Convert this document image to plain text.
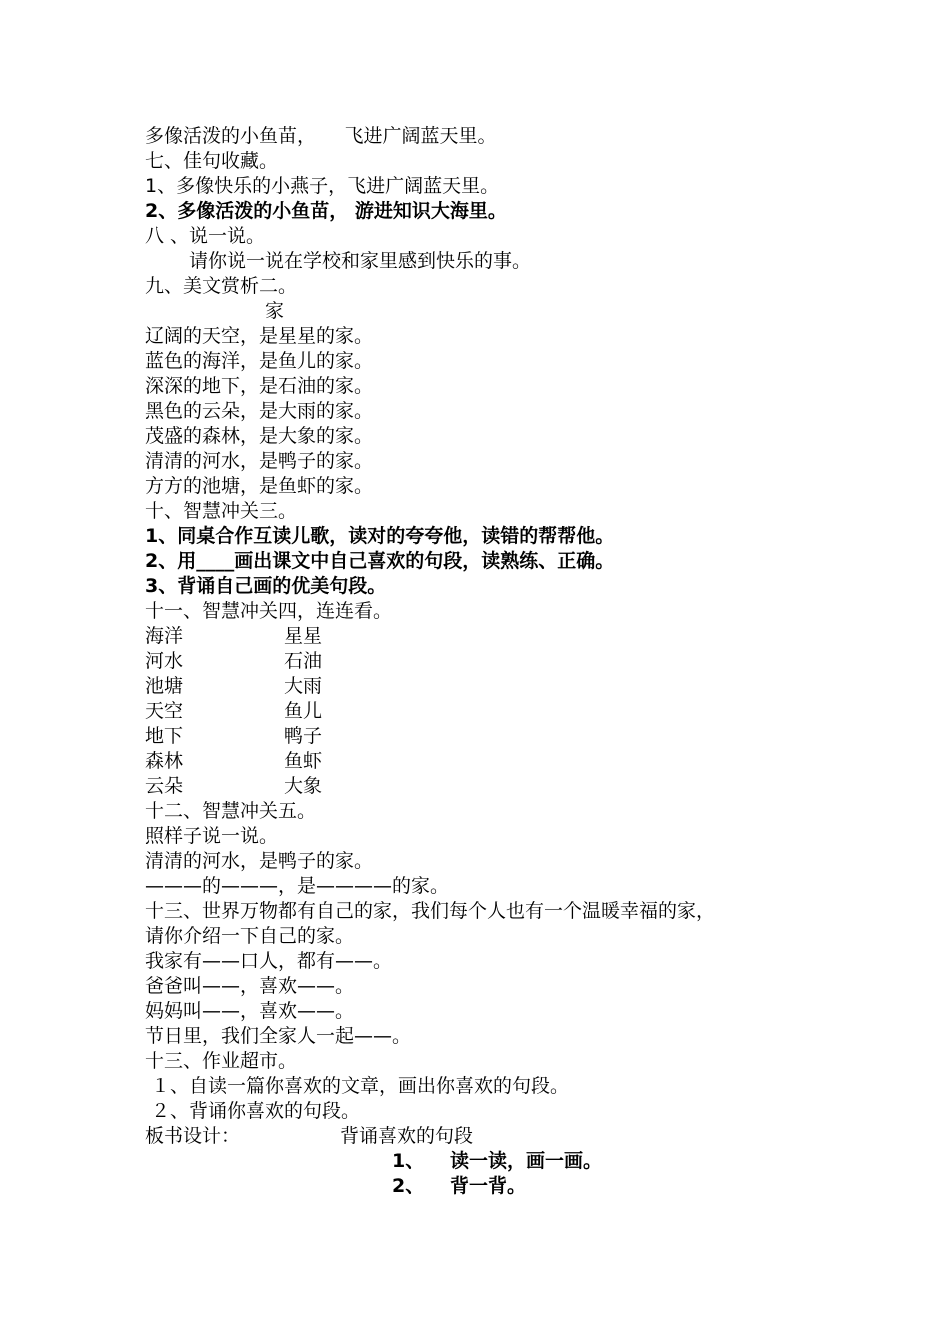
多像活泼的小鱼苗，　　飞进广阔蓝天里。
七、佳句收藏。
1、多像快乐的小燕子，飞进广阔蓝天里。
2、多像活泼的小鱼苗， 游进知识大海里。
八 、说一说。
请你说一说在学校和家里感到快乐的事。
九、美文赏析二。
家
辽阔的天空，是星星的家。
蓝色的海洋，是鱼儿的家。
深深的地下，是石油的家。
黑色的云朵，是大雨的家。
茂盛的森林，是大象的家。
清清的河水，是鸭子的家。
方方的池塘，是鱼虾的家。
十、智慧冲关三。
1、同桌合作互读儿歌，读对的夸夸他，读错的帮帮他。
2、用____画出课文中自己喜欢的句段，读熟练、正确。
3、背诵自己画的优美句段。
十一、智慧冲关四，连连看。
海洋	星星
河水	石油
池塘	大雨
天空	鱼儿
地下	鸭子
森林	鱼虾
云朵	大象
十二、智慧冲关五。
照样子说一说。
清清的河水，是鸭子的家。
———的———，是————的家。
十三、世界万物都有自己的家，我们每个人也有一个温暖幸福的家，
请你介绍一下自己的家。
我家有——口人，都有——。
爸爸叫——，喜欢——。
妈妈叫——，喜欢——。
节日里，我们全家人一起——。
十三、作业超市。
１、自读一篇你喜欢的文章，画出你喜欢的句段。
２、背诵你喜欢的句段。
板书设计：	背诵喜欢的句段
1、 读一读，画一画。
2、 背一背。
